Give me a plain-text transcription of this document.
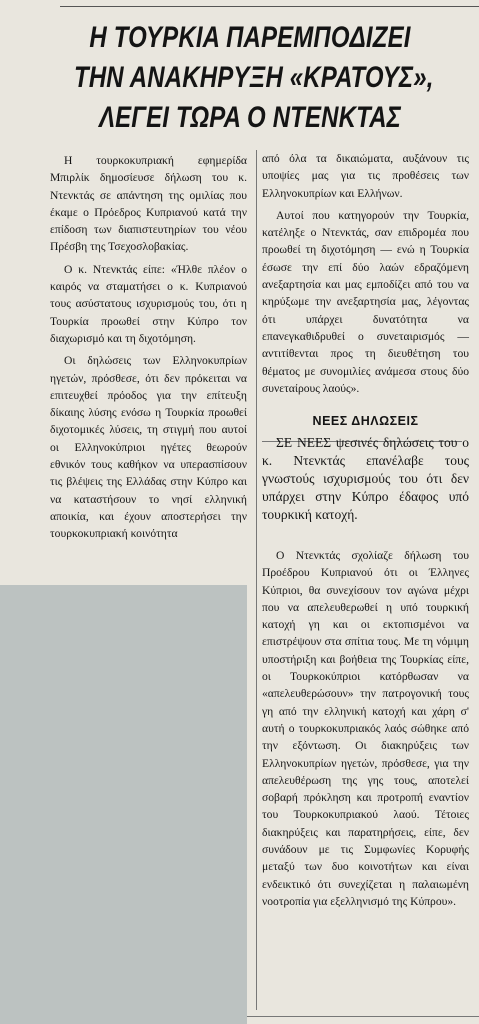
Η ΤΟΥΡΚΙΑ ΠΑΡΕΜΠΟΔΙΖΕΙ
ΤΗΝ ΑΝΑΚΗΡΥΞΗ «ΚΡΑΤΟΥΣ»,
ΛΕΓΕΙ ΤΩΡΑ Ο ΝΤΕΝΚΤΑΣ

Η τουρκοκυπριακή εφημερίδα Μπιρλίκ δημοσίευσε δήλωση του κ. Ντενκτάς σε απάντηση της ομιλίας που έκαμε ο Πρόεδρος Κυπριανού κατά την επίδοση των διαπιστευτηρίων του νέου Πρέσβη της Τσεχοσλοβακίας.

Ο κ. Ντενκτάς είπε: «Ήλθε πλέον ο καιρός να σταματήσει ο κ. Κυπριανού τους ασύστατους ισχυρισμούς του, ότι η Τουρκία προωθεί στην Κύπρο τον διαχωρισμό και τη διχοτόμηση.

Οι δηλώσεις των Ελληνοκυπρίων ηγετών, πρόσθεσε, ότι δεν πρόκειται να επιτευχθεί πρόοδος για την επίτευξη δίκαιης λύσης ενόσω η Τουρκία προωθεί διχοτομικές λύσεις, τη στιγμή που αυτοί οι Ελληνοκύπριοι ηγέτες θεωρούν εθνικόν τους καθήκον να υπερασπίσουν τις βλέψεις της Ελλάδας στην Κύπρο και να καταστήσουν το νησί ελληνική αποικία, και έχουν αποστερήσει την τουρκοκυπριακή κοινότητα

από όλα τα δικαιώματα, αυξάνουν τις υποψίες μας για τις προθέσεις των Ελληνοκυπρίων και Ελλήνων.

Αυτοί που κατηγορούν την Τουρκία, κατέληξε ο Ντενκτάς, σαν επιδρομέα που προωθεί τη διχοτόμηση — ενώ η Τουρκία έσωσε την επί δύο λαών εδραζόμενη ανεξαρτησία και μας εμποδίζει από του να κηρύξωμε την ανεξαρτησία μας, λέγοντας ότι υπάρχει δυνατότητα να επανεγκαθιδρυθεί ο συνεταιρισμός — αντιτίθενται προς τη διευθέτηση του θέματος με συνομιλίες ανάμεσα στους δύο συνεταίρους λαούς».

ΝΕΕΣ ΔΗΛΩΣΕΙΣ

ΣΕ ΝΕΕΣ ψεσινές δηλώσεις του ο κ. Ντενκτάς επανέλαβε τους γνωστούς ισχυρισμούς του ότι δεν υπάρχει στην Κύπρο έδαφος υπό τουρκική κατοχή.

Ο Ντενκτάς σχολίαζε δήλωση του Προέδρου Κυπριανού ότι οι Έλληνες Κύπριοι, θα συνεχίσουν τον αγώνα μέχρι που να απελευθερωθεί η υπό τουρκική κατοχή γη και οι εκτοπισμένοι να επιστρέψουν στα σπίτια τους. Με τη νόμιμη υποστήριξη και βοήθεια της Τουρκίας είπε, οι Τουρκοκύπριοι κατόρθωσαν να «απελευθερώσουν» την πατρογονική τους γη από την ελληνική κατοχή και χάρη σ' αυτή ο τουρκοκυπριακός λαός σώθηκε από την εξόντωση. Οι διακηρύξεις των Ελληνοκυπρίων ηγετών, πρόσθεσε, για την απελευθέρωση της γης τους, αποτελεί σοβαρή πρόκληση και προτροπή εναντίον του Τουρκοκυπριακού λαού. Τέτοιες διακηρύξεις και παρατηρήσεις, είπε, δεν συνάδουν με τις Συμφωνίες Κορυφής μεταξύ των δυο κοινοτήτων και είναι ενδεικτικό ότι συνεχίζεται η παλαιωμένη νοοτροπία για εξελληνισμό της Κύπρου».
